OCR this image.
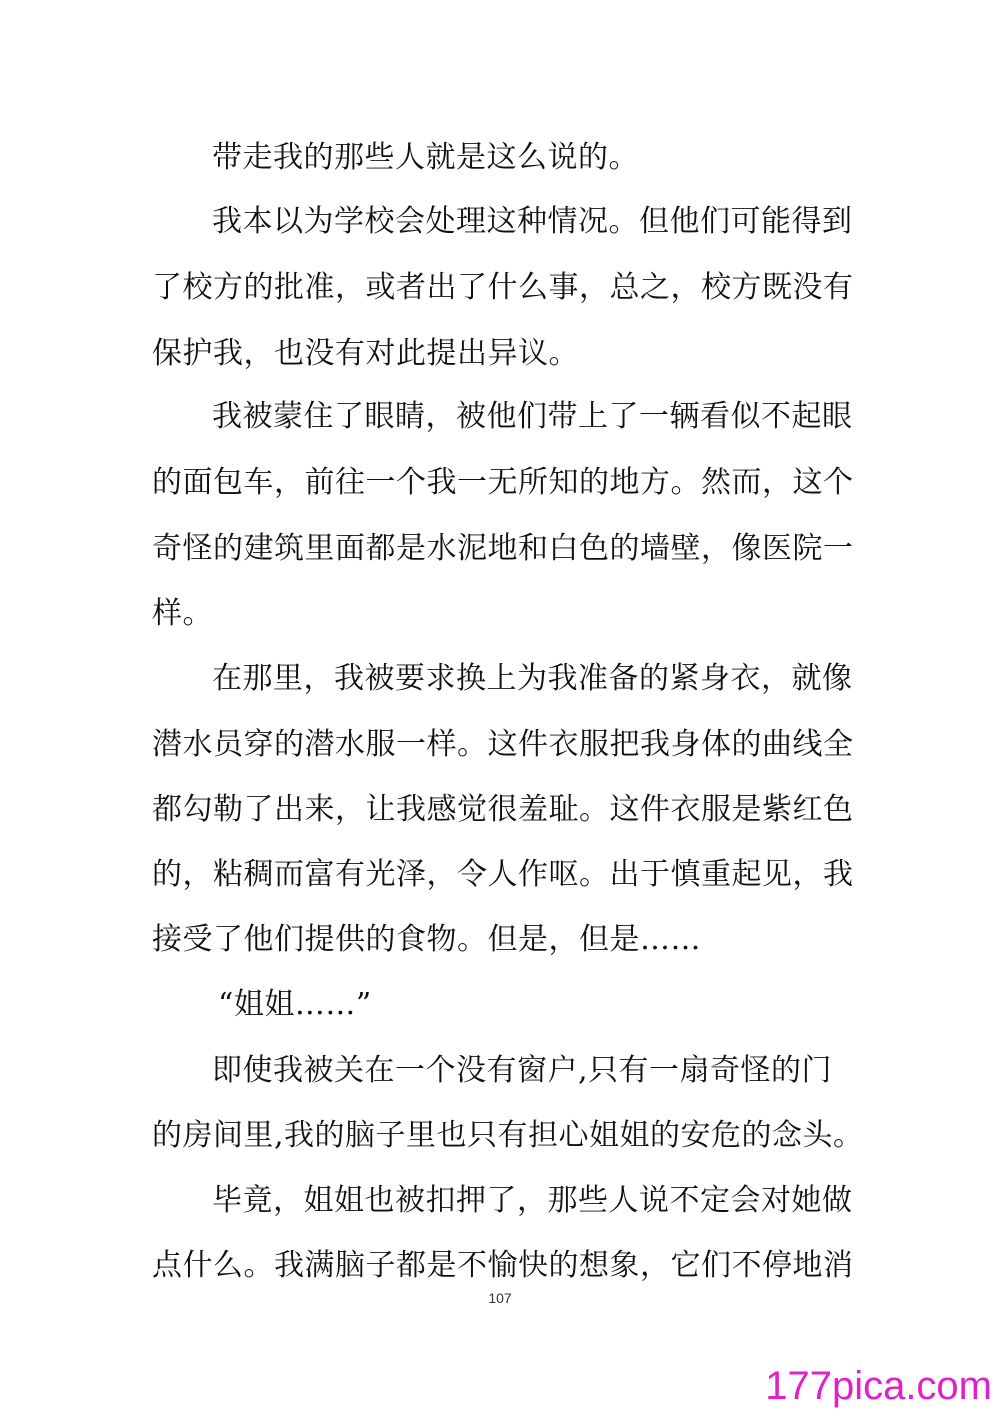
带走我的那些人就是这么说的。
我本以为学校会处理这种情况。但他们可能得到
了校方的批准，或者出了什么事，总之，校方既没有
保护我，也没有对此提出异议。
我被蒙住了眼睛，被他们带上了一辆看似不起眼
的面包车，前往一个我一无所知的地方。然而，这个
奇怪的建筑里面都是水泥地和白色的墙壁，像医院一
样。
在那里，我被要求换上为我准备的紧身衣，就像
潜水员穿的潜水服一样。这件衣服把我身体的曲线全
都勾勒了出来，让我感觉很羞耻。这件衣服是紫红色
的，粘稠而富有光泽，令人作呕。出于慎重起见，我
接受了他们提供的食物。但是，但是……
“姐姐……”
即使我被关在一个没有窗户,只有一扇奇怪的门
的房间里,我的脑子里也只有担心姐姐的安危的念头。
毕竟，姐姐也被扣押了，那些人说不定会对她做
点什么。我满脑子都是不愉快的想象，它们不停地消
107
177pica.com
